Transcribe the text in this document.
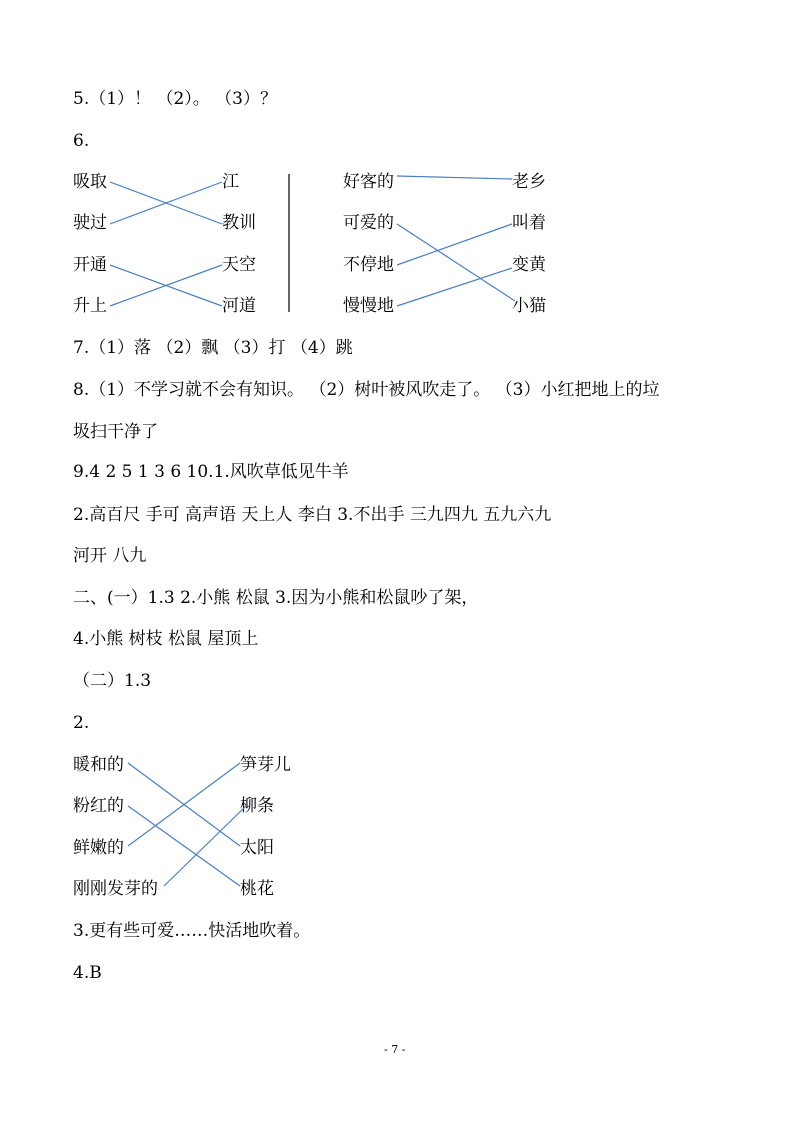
5.（1）！ （2）。 （3）？
6.
吸取
驶过
开通
升上
江
教训
天空
河道
好客的
可爱的
不停地
慢慢地
老乡
叫着
变黄
小猫
7.（1）落 （2）飘 （3）打 （4）跳
8.（1）不学习就不会有知识。 （2）树叶被风吹走了。 （3）小红把地上的垃
圾扫干净了
9.4 2 5 1 3 6 10.1.风吹草低见牛羊
2.高百尺 手可 高声语 天上人 李白 3.不出手 三九四九 五九六九
河开 八九
二、(一）1.3 2.小熊 松鼠 3.因为小熊和松鼠吵了架，
4.小熊 树枝 松鼠 屋顶上
（二）1.3
2.
暖和的
粉红的
鲜嫩的
刚刚发芽的
笋芽儿
柳条
太阳
桃花
3.更有些可爱……快活地吹着。
4.B
- 7 -
